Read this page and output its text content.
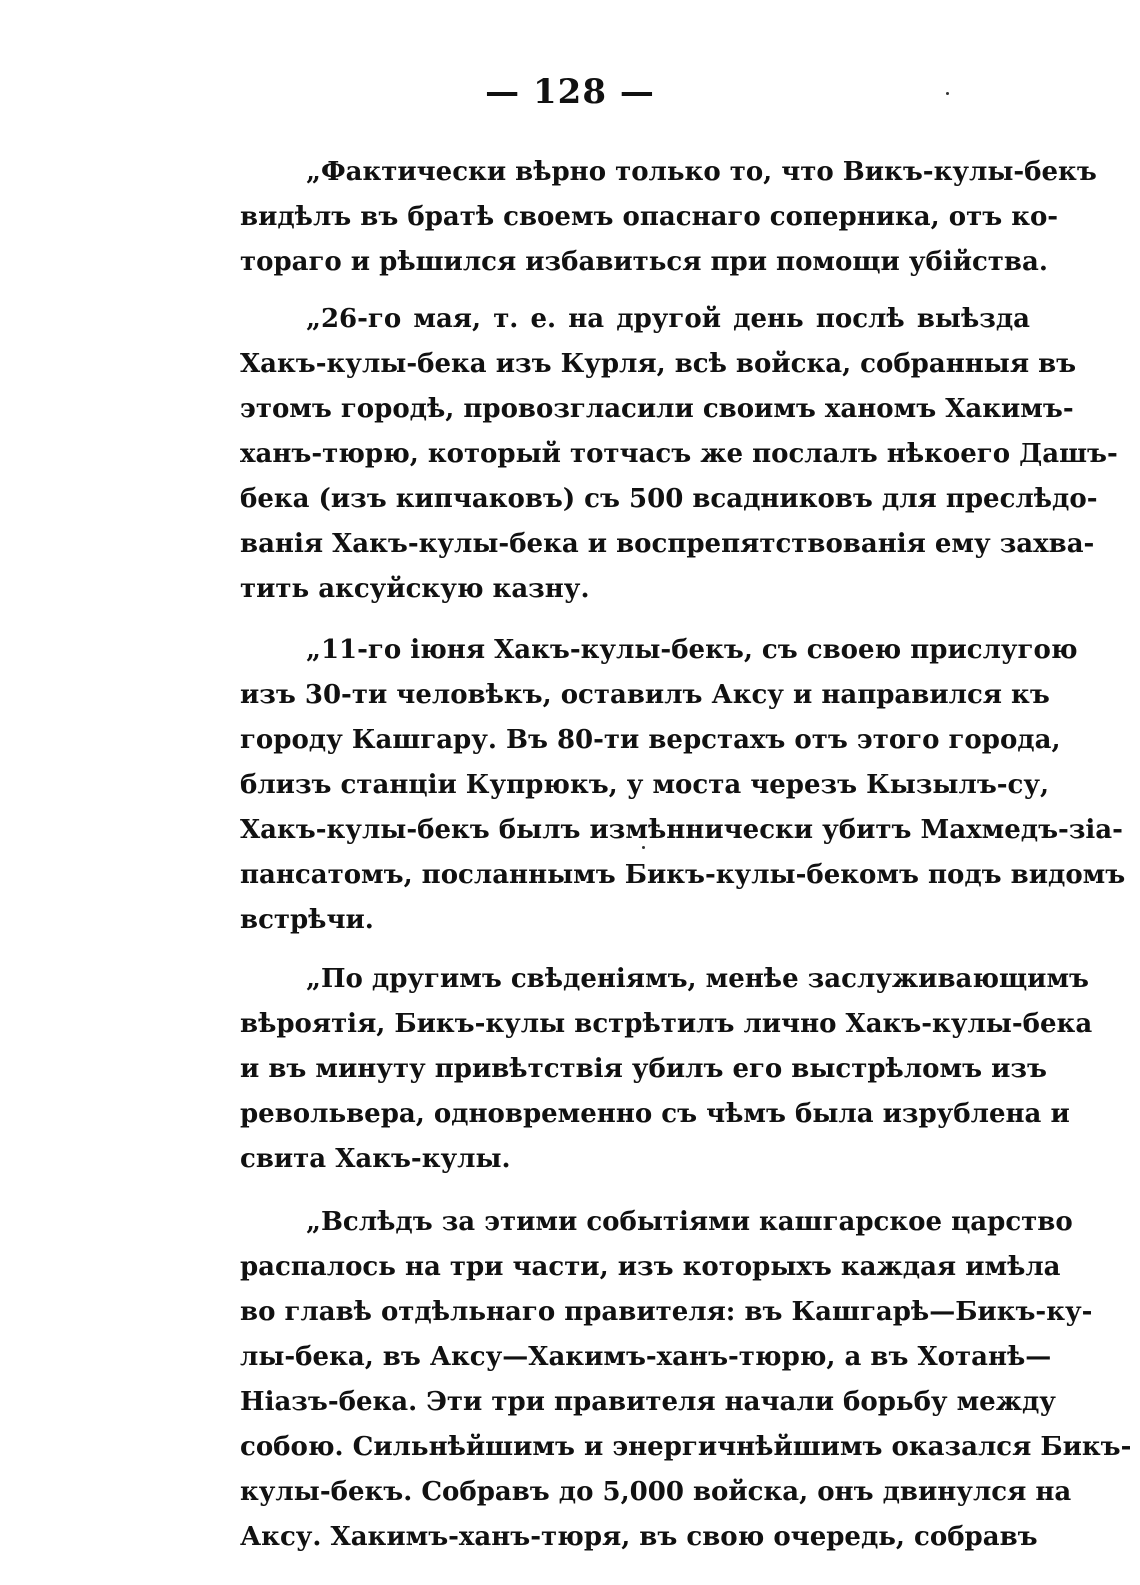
— 128 —
„Фактически вѣрно только то, что Викъ-кулы-бекъ
видѣлъ въ братѣ своемъ опаснаго соперника, отъ ко-
тораго и рѣшился избавиться при помощи убійства.
„26-го мая, т. е. на другой день послѣ выѣзда
Хакъ-кулы-бека изъ Курля, всѣ войска, собранныя въ
этомъ городѣ, провозгласили своимъ ханомъ Хакимъ-
ханъ-тюрю, который тотчасъ же послалъ нѣкоего Дашъ-
бека (изъ кипчаковъ) съ 500 всадниковъ для преслѣдо-
ванія Хакъ-кулы-бека и воспрепятствованія ему захва-
тить аксуйскую казну.
„11-го іюня Хакъ-кулы-бекъ, съ своею прислугою
изъ 30-ти человѣкъ, оставилъ Аксу и направился къ
городу Кашгару. Въ 80-ти верстахъ отъ этого города,
близъ станціи Купрюкъ, у моста черезъ Кызылъ-су,
Хакъ-кулы-бекъ былъ измѣннически убитъ Махмедъ-зіа-
пансатомъ, посланнымъ Бикъ-кулы-бекомъ подъ видомъ
встрѣчи.
„По другимъ свѣденіямъ, менѣе заслуживающимъ
вѣроятія, Бикъ-кулы встрѣтилъ лично Хакъ-кулы-бека
и въ минуту привѣтствія убилъ его выстрѣломъ изъ
револьвера, одновременно съ чѣмъ была изрублена и
свита Хакъ-кулы.
„Вслѣдъ за этими событіями кашгарское царство
распалось на три части, изъ которыхъ каждая имѣла
во главѣ отдѣльнаго правителя: въ Кашгарѣ—Бикъ-ку-
лы-бека, въ Аксу—Хакимъ-ханъ-тюрю, а въ Хотанѣ—
Ніазъ-бека. Эти три правителя начали борьбу между
собою. Сильнѣйшимъ и энергичнѣйшимъ оказался Бикъ-
кулы-бекъ. Собравъ до 5,000 войска, онъ двинулся на
Аксу. Хакимъ-ханъ-тюря, въ свою очередь, собравъ
